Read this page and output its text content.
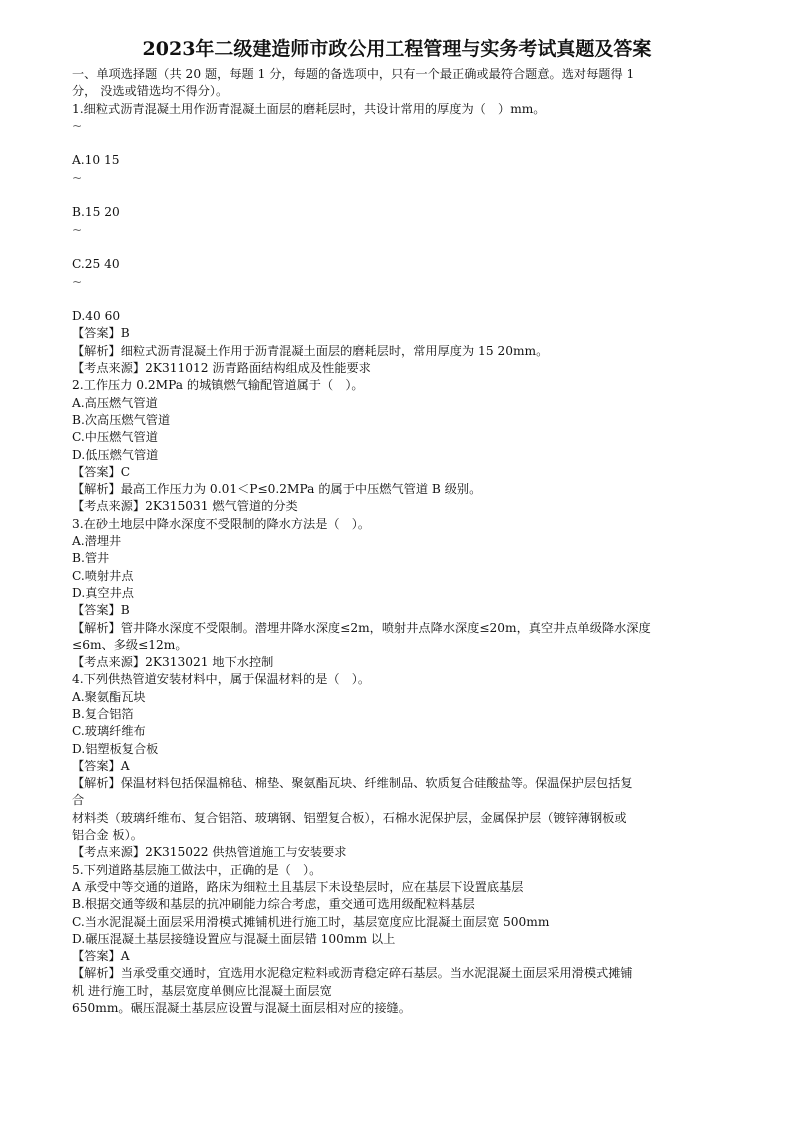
2023年二级建造师市政公用工程管理与实务考试真题及答案
一、单项选择题（共 20 题，每题 1 分，每题的备选项中，只有一个最正确或最符合题意。选对每题得 1
分， 没选或错选均不得分）。
1.细粒式沥青混凝土用作沥青混凝土面层的磨耗层时，共设计常用的厚度为（　）mm。
~
A.10 15
~
B.15 20
~
C.25 40
~
D.40 60
【答案】B
【解析】细粒式沥青混凝土作用于沥青混凝土面层的磨耗层时，常用厚度为 15 20mm。
【考点来源】2K311012 沥青路面结构组成及性能要求
2.工作压力 0.2MPa 的城镇燃气输配管道属于（　）。
A.高压燃气管道
B.次高压燃气管道
C.中压燃气管道
D.低压燃气管道
【答案】C
【解析】最高工作压力为 0.01＜P≤0.2MPa 的属于中压燃气管道 B 级别。
【考点来源】2K315031 燃气管道的分类
3.在砂土地层中降水深度不受限制的降水方法是（　）。
A.潜埋井
B.管井
C.喷射井点
D.真空井点
【答案】B
【解析】管井降水深度不受限制。潜埋井降水深度≤2m，喷射井点降水深度≤20m，真空井点单级降水深度
≤6m、多级≤12m。
【考点来源】2K313021 地下水控制
4.下列供热管道安装材料中，属于保温材料的是（　）。
A.聚氨酯瓦块
B.复合铝箔
C.玻璃纤维布
D.铝塑板复合板
【答案】A
【解析】保温材料包括保温棉毡、棉垫、聚氨酯瓦块、纤维制品、软质复合硅酸盐等。保温保护层包括复
合
材料类（玻璃纤维布、复合铝箔、玻璃钢、铝塑复合板），石棉水泥保护层，金属保护层（镀锌薄钢板或
铝合金 板）。
【考点来源】2K315022 供热管道施工与安装要求
5.下列道路基层施工做法中，正确的是（　）。
A 承受中等交通的道路，路床为细粒土且基层下未设垫层时，应在基层下设置底基层
B.根据交通等级和基层的抗冲刷能力综合考虑，重交通可选用级配粒料基层
C.当水泥混凝土面层采用滑模式摊铺机进行施工时，基层宽度应比混凝土面层宽 500mm
D.碾压混凝土基层接缝设置应与混凝土面层错 100mm 以上
【答案】A
【解析】当承受重交通时，宜选用水泥稳定粒料或沥青稳定碎石基层。当水泥混凝土面层采用滑模式摊铺
机 进行施工时，基层宽度单侧应比混凝土面层宽
650mm。碾压混凝土基层应设置与混凝土面层相对应的接缝。
